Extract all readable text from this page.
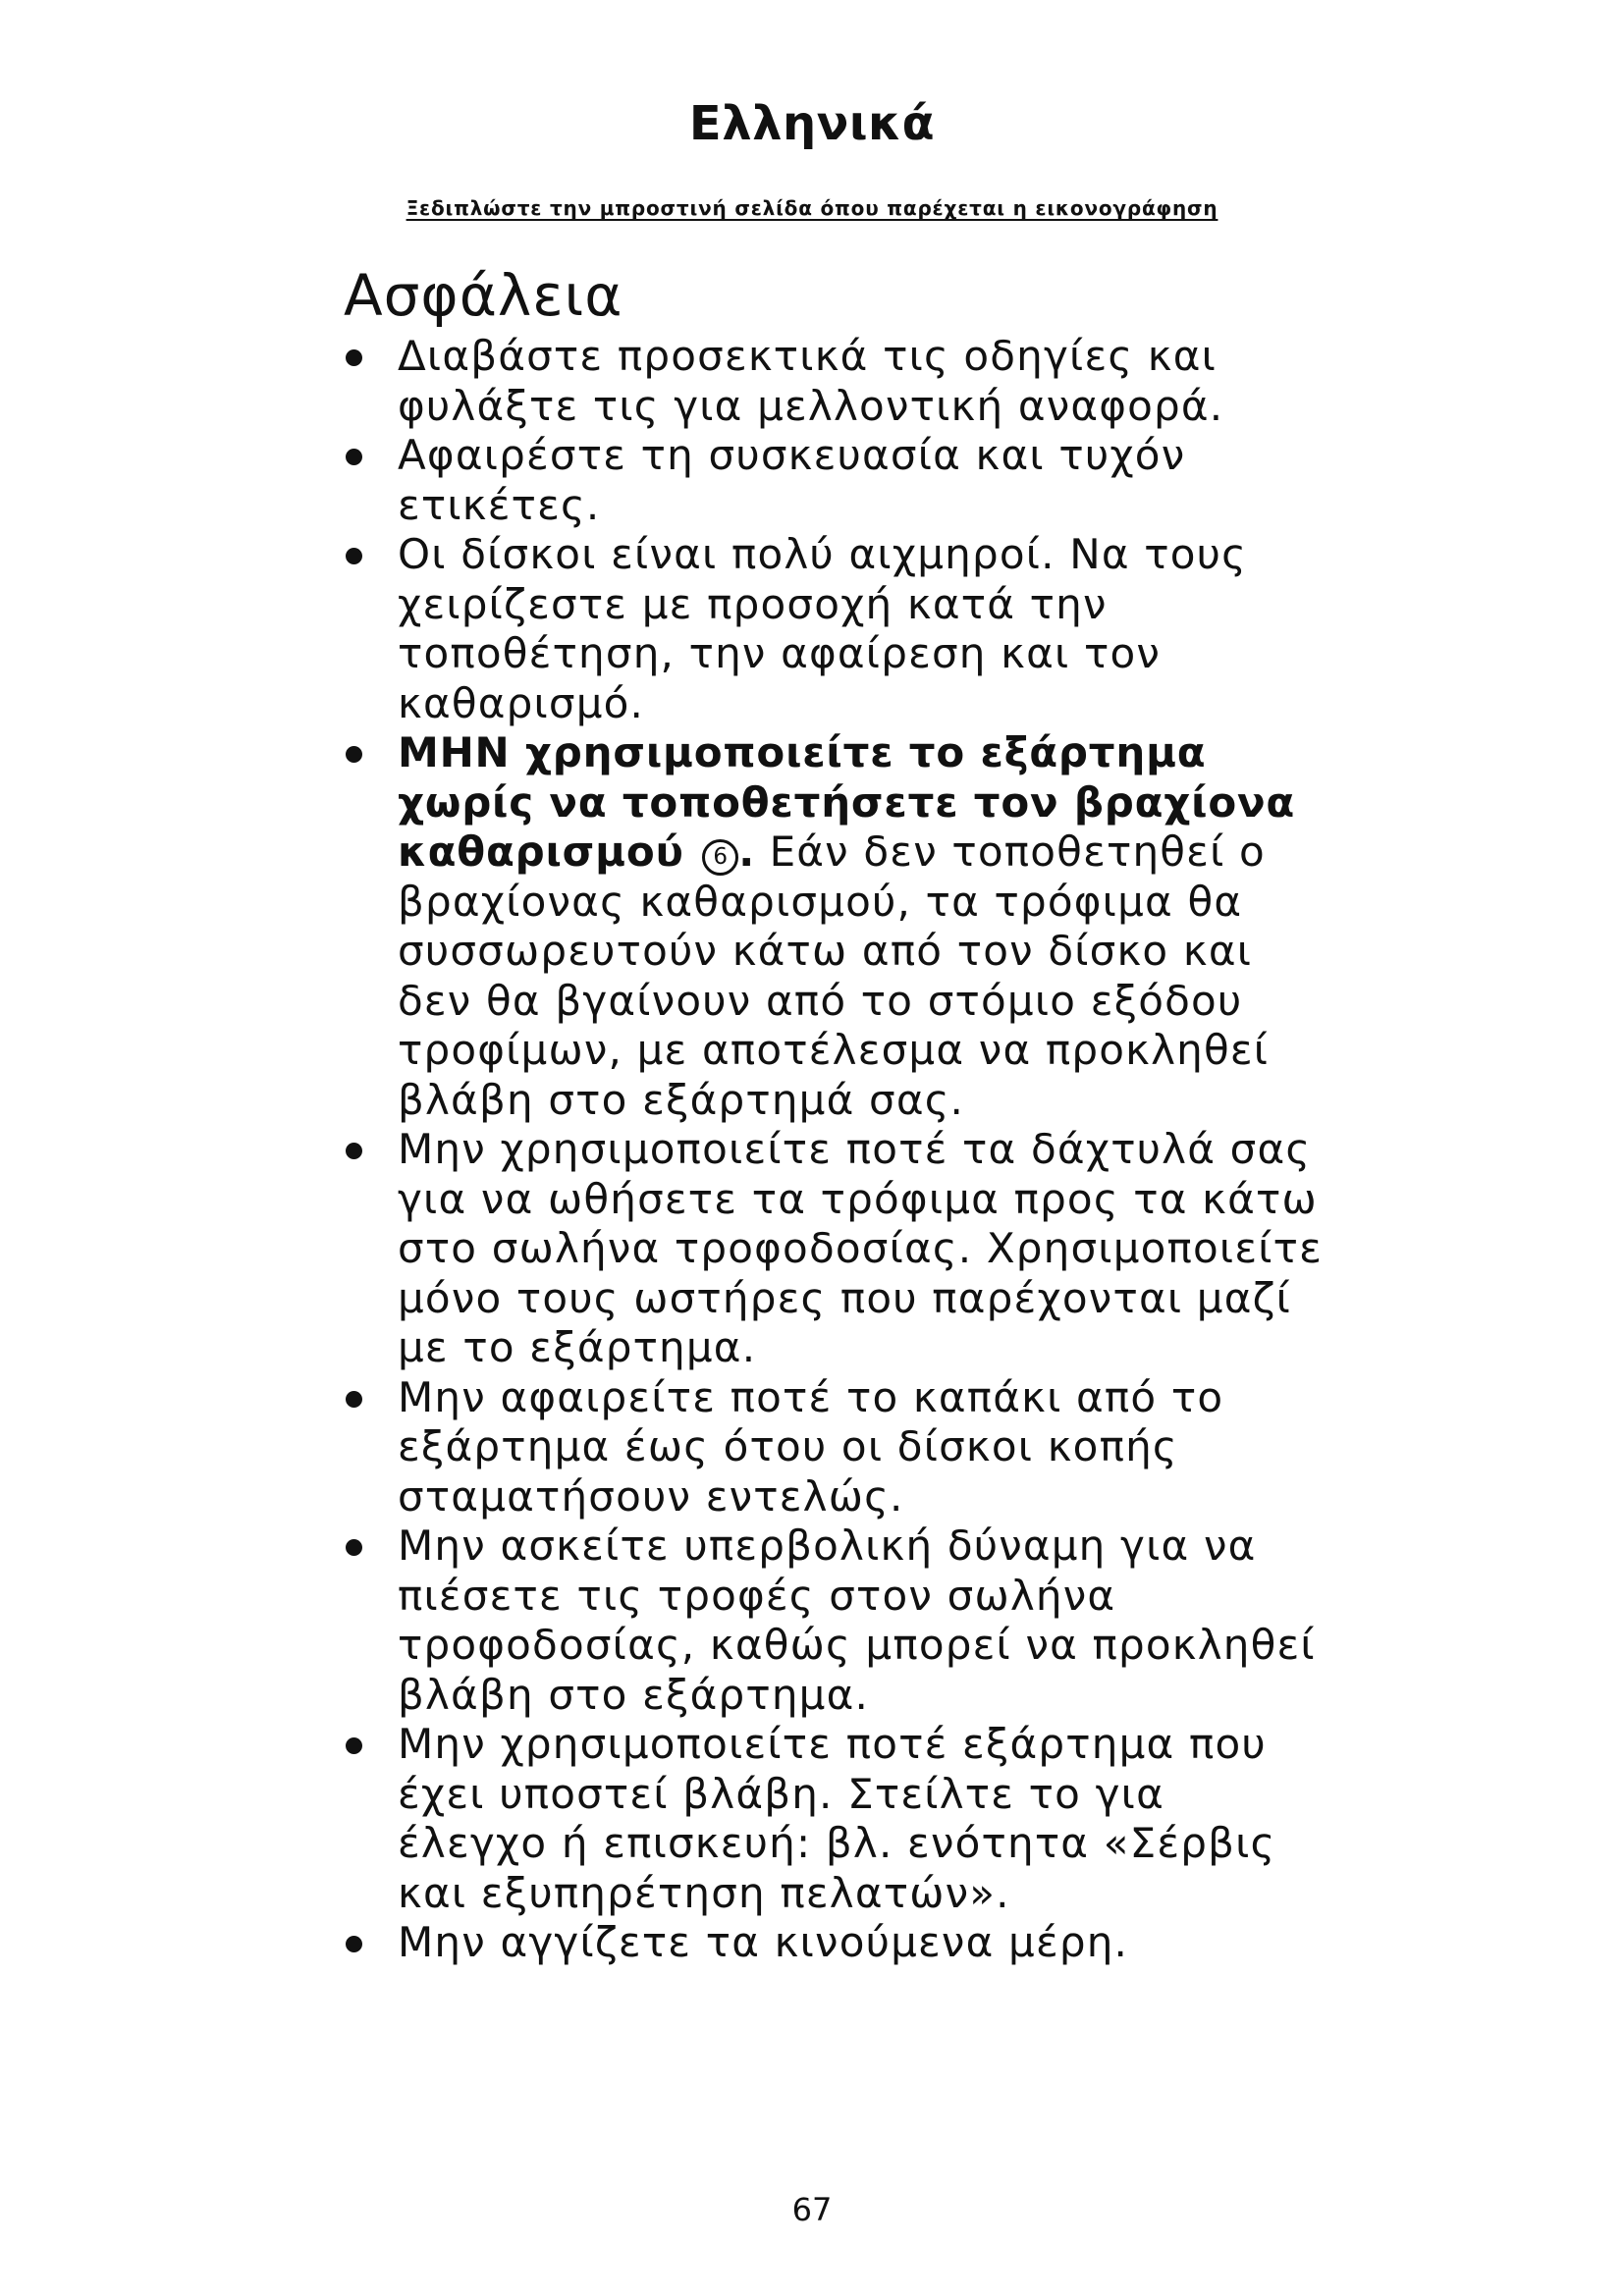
Ελληνικά
Ξεδιπλώστε την μπροστινή σελίδα όπου παρέχεται η εικονογράφηση
Ασφάλεια
Διαβάστε προσεκτικά τις οδηγίες και φυλάξτε τις για μελλοντική αναφορά.
Αφαιρέστε τη συσκευασία και τυχόν ετικέτες.
Οι δίσκοι είναι πολύ αιχμηροί. Να τους χειρίζεστε με προσοχή κατά την τοποθέτηση, την αφαίρεση και τον καθαρισμό.
ΜΗΝ χρησιμοποιείτε το εξάρτημα χωρίς να τοποθετήσετε τον βραχίονα καθαρισμού 6 . Εάν δεν τοποθετηθεί ο βραχίονας καθαρισμού, τα τρόφιμα θα συσσωρευτούν κάτω από τον δίσκο και δεν θα βγαίνουν από το στόμιο εξόδου τροφίμων, με αποτέλεσμα να προκληθεί βλάβη στο εξάρτημά σας.
Μην χρησιμοποιείτε ποτέ τα δάχτυλά σας για να ωθήσετε τα τρόφιμα προς τα κάτω στο σωλήνα τροφοδοσίας. Χρησιμοποιείτε μόνο τους ωστήρες που παρέχονται μαζί με το εξάρτημα.
Μην αφαιρείτε ποτέ το καπάκι από το εξάρτημα έως ότου οι δίσκοι κοπής σταματήσουν εντελώς.
Μην ασκείτε υπερβολική δύναμη για να πιέσετε τις τροφές στον σωλήνα τροφοδοσίας, καθώς μπορεί να προκληθεί βλάβη στο εξάρτημα.
Μην χρησιμοποιείτε ποτέ εξάρτημα που έχει υποστεί βλάβη. Στείλτε το για έλεγχο ή επισκευή: βλ. ενότητα «Σέρβις και εξυπηρέτηση πελατών».
Μην αγγίζετε τα κινούμενα μέρη.
67
